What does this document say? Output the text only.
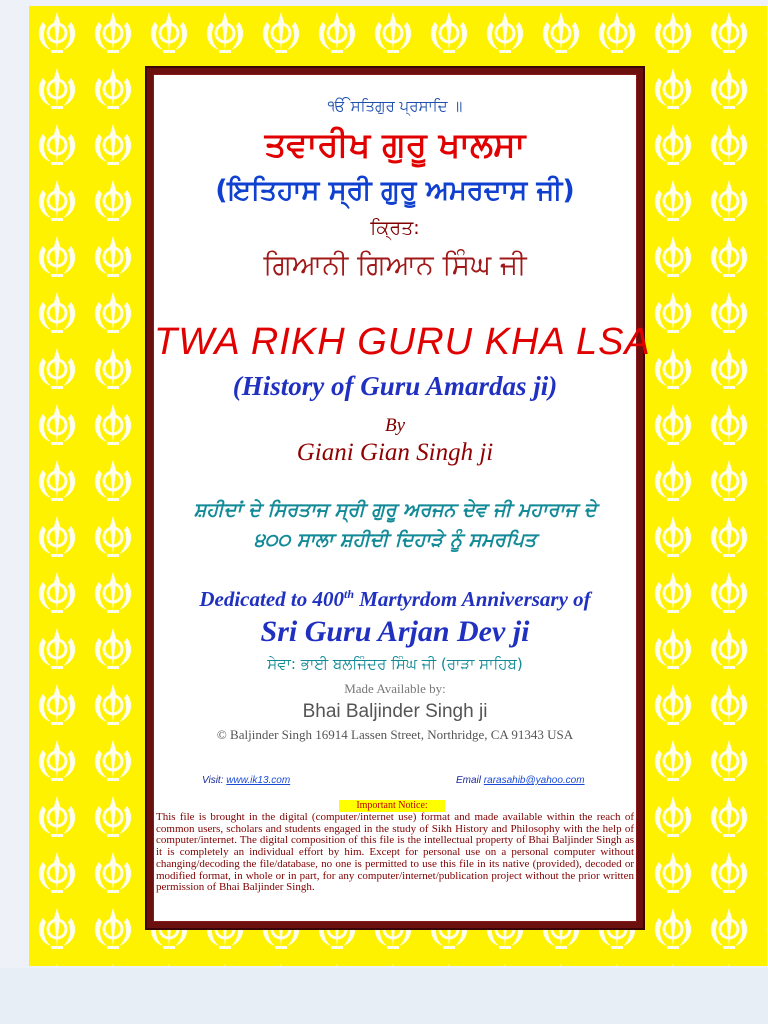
ੴ ਸਤਿਗੁਰ ਪ੍ਰਸਾਦਿ ॥
ਤਵਾਰੀਖ ਗੁਰੂ ਖਾਲਸਾ
(ਇਤਿਹਾਸ ਸ੍ਰੀ ਗੁਰੂ ਅਮਰਦਾਸ ਜੀ)
ਕ੍ਰਿਤ:
ਗਿਆਨੀ ਗਿਆਨ ਸਿੰਘ ਜੀ
TWA RIKH GURU KHA LSA
(History of Guru Amardas ji)
By
Giani Gian Singh ji
ਸ਼ਹੀਦਾਂ ਦੇ ਸਿਰਤਾਜ ਸ੍ਰੀ ਗੁਰੂ ਅਰਜਨ ਦੇਵ ਜੀ ਮਹਾਰਾਜ ਦੇ
੪੦੦ ਸਾਲਾ ਸ਼ਹੀਦੀ ਦਿਹਾੜੇ ਨੂੰ ਸਮਰਪਿਤ
Dedicated to 400th Martyrdom Anniversary of
Sri Guru Arjan Dev ji
ਸੇਵਾ: ਭਾਈ ਬਲਜਿੰਦਰ ਸਿੰਘ ਜੀ (ਰਾੜਾ ਸਾਹਿਬ)
Made Available by:
Bhai Baljinder Singh ji
© Baljinder Singh 16914 Lassen Street, Northridge, CA 91343 USA
Visit: www.ik13.com	Email rarasahib@yahoo.com
Important Notice:
This file is brought in the digital (computer/internet use) format and made available within the reach of common users, scholars and students engaged in the study of Sikh History and Philosophy with the help of computer/internet. The digital composition of this file is the intellectual property of Bhai Baljinder Singh as it is completely an individual effort by him. Except for personal use on a personal computer without changing/decoding the file/database, no one is permitted to use this file in its native (provided), decoded or modified format, in whole or in part, for any computer/internet/publication project without the prior written permission of Bhai Baljinder Singh.
